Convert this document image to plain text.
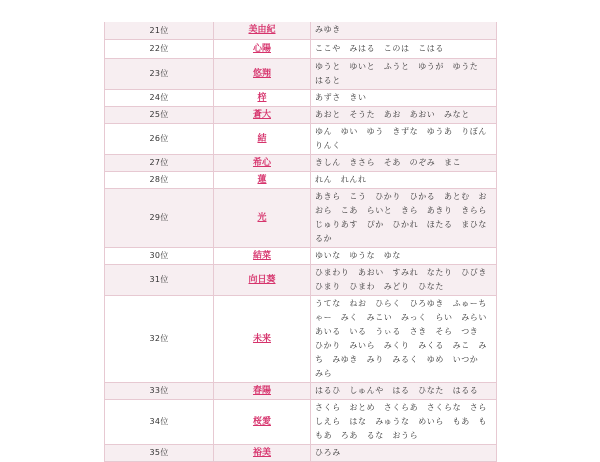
21位	美由紀	みゆき
22位	心陽	ここや　みはる　このは　こはる
23位	悠翔	ゆうと　ゆいと　ふうと　ゆうが　ゆうた　はると
24位	梓	あずさ　きい
25位	蒼大	あおと　そうた　あお　あおい　みなと
26位	結	ゆん　ゆい　ゆう　きずな　ゆうあ　りぼん　りんく
27位	希心	きしん　きさら　そあ　のぞみ　まこ
28位	蓮	れん　れんれ
29位	光	あきら　こう　ひかり　ひかる　あとむ　おおら　こあ　らいと　きら　あきり　きらら　じゅりあす　ぴか　ひかれ　ほたる　まひな　るか
30位	結菜	ゆいな　ゆうな　ゆな
31位	向日葵	ひまわり　あおい　すみれ　なたり　ひびき　ひまり　ひまわ　みどり　ひなた
32位	未来	うてな　ねお　ひらく　ひろゆき　ふゅーちゃー　みく　みこい　みっく　らい　みらい　あいる　いる　うぃる　さき　そら　つき　ひかり　みいら　みくり　みくる　みこ　みち　みゆき　みり　みるく　ゆめ　いつか　みら
33位	春陽	はるひ　しゅんや　はる　ひなた　はるる
34位	桜愛	さくら　おとめ　さくらあ　さくらな　さらしえら　はな　みゅうな　めいら　もあ　ももあ　ろあ　るな　おうら
35位	裕美	ひろみ
